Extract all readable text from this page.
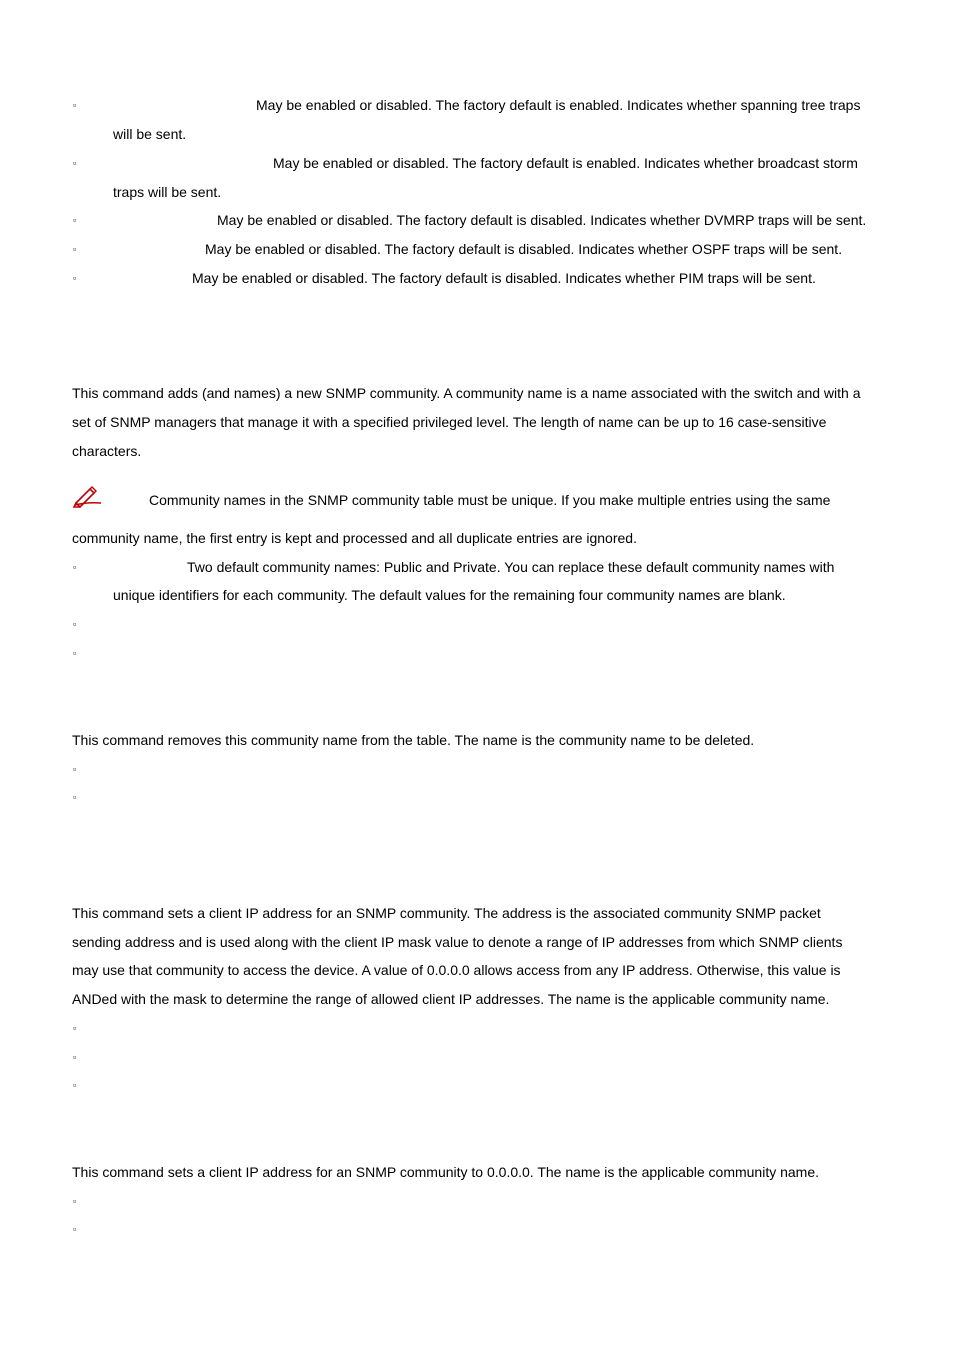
▫	May be enabled or disabled. The factory default is enabled. Indicates whether spanning tree traps
will be sent.
▫	May be enabled or disabled. The factory default is enabled. Indicates whether broadcast storm
traps will be sent.
▫	May be enabled or disabled. The factory default is disabled. Indicates whether DVMRP traps will be sent.
▫	May be enabled or disabled. The factory default is disabled. Indicates whether OSPF traps will be sent.
▫	May be enabled or disabled. The factory default is disabled. Indicates whether PIM traps will be sent.
This command adds (and names) a new SNMP community. A community name is a name associated with the switch and with a
set of SNMP managers that manage it with a specified privileged level. The length of name can be up to 16 case-sensitive
characters.
Community names in the SNMP community table must be unique. If you make multiple entries using the same
community name, the first entry is kept and processed and all duplicate entries are ignored.
▫	Two default community names: Public and Private. You can replace these default community names with
unique identifiers for each community. The default values for the remaining four community names are blank.
▫
▫
This command removes this community name from the table. The name is the community name to be deleted.
▫
▫
This command sets a client IP address for an SNMP community. The address is the associated community SNMP packet
sending address and is used along with the client IP mask value to denote a range of IP addresses from which SNMP clients
may use that community to access the device. A value of 0.0.0.0 allows access from any IP address. Otherwise, this value is
ANDed with the mask to determine the range of allowed client IP addresses. The name is the applicable community name.
▫
▫
▫
This command sets a client IP address for an SNMP community to 0.0.0.0. The name is the applicable community name.
▫
▫
